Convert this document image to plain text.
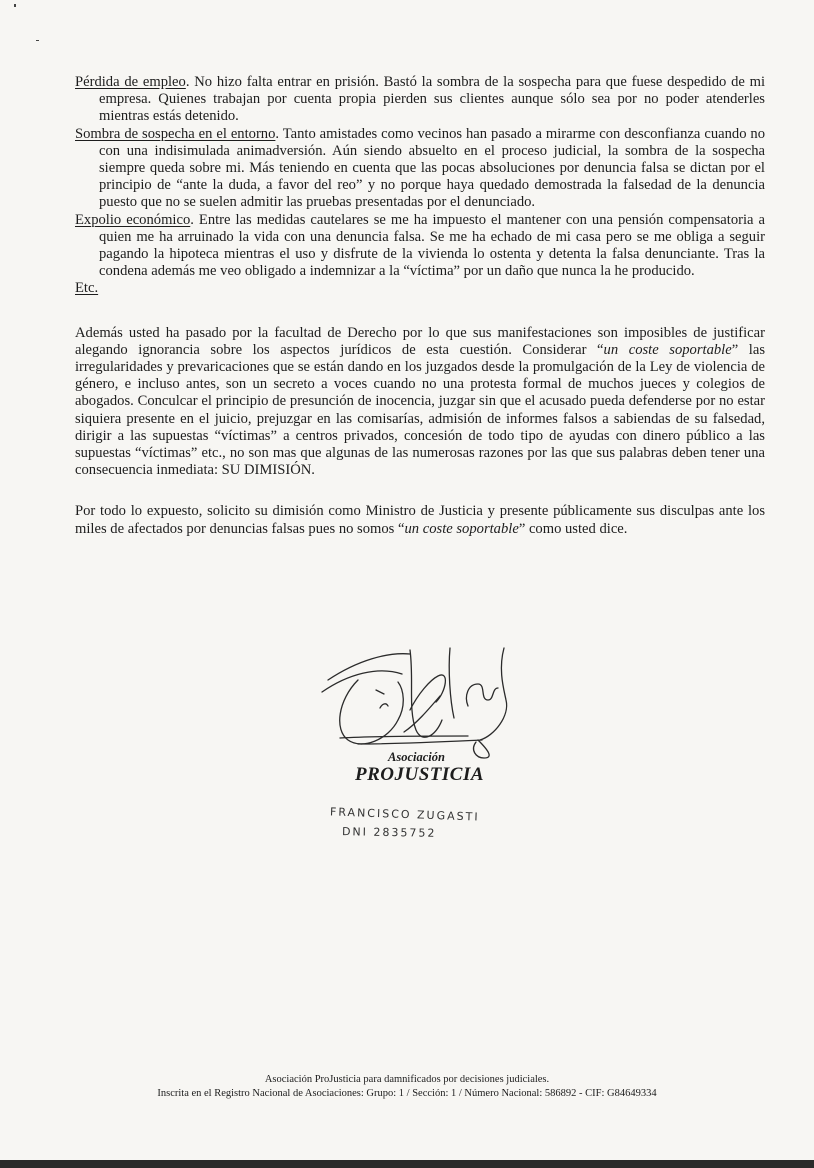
Pérdida de empleo. No hizo falta entrar en prisión. Bastó la sombra de la sospecha para que fuese despedido de mi empresa. Quienes trabajan por cuenta propia pierden sus clientes aunque sólo sea por no poder atenderles mientras estás detenido.

Sombra de sospecha en el entorno. Tanto amistades como vecinos han pasado a mirarme con desconfianza cuando no con una indisimulada animadversión. Aún siendo absuelto en el proceso judicial, la sombra de la sospecha siempre queda sobre mi. Más teniendo en cuenta que las pocas absoluciones por denuncia falsa se dictan por el principio de “ante la duda, a favor del reo” y no porque haya quedado demostrada la falsedad de la denuncia puesto que no se suelen admitir las pruebas presentadas por el denunciado.

Expolio económico. Entre las medidas cautelares se me ha impuesto el mantener con una pensión compensatoria a quien me ha arruinado la vida con una denuncia falsa. Se me ha echado de mi casa pero se me obliga a seguir pagando la hipoteca mientras el uso y disfrute de la vivienda lo ostenta y detenta la falsa denunciante. Tras la condena además me veo obligado a indemnizar a la “víctima” por un daño que nunca la he producido.

Etc.

Además usted ha pasado por la facultad de Derecho por lo que sus manifestaciones son imposibles de justificar alegando ignorancia sobre los aspectos jurídicos de esta cuestión. Considerar “un coste soportable” las irregularidades y prevaricaciones que se están dando en los juzgados desde la promulgación de la Ley de violencia de género, e incluso antes, son un secreto a voces cuando no una protesta formal de muchos jueces y colegios de abogados. Conculcar el principio de presunción de inocencia, juzgar sin que el acusado pueda defenderse por no estar siquiera presente en el juicio, prejuzgar en las comisarías, admisión de informes falsos a sabiendas de su falsedad, dirigir a las supuestas “víctimas” a centros privados, concesión de todo tipo de ayudas con dinero público a las supuestas “víctimas” etc., no son mas que algunas de las numerosas razones por las que sus palabras deben tener una consecuencia inmediata: SU DIMISIÓN.

Por todo lo expuesto, solicito su dimisión como Ministro de Justicia y presente públicamente sus disculpas ante los miles de afectados por denuncias falsas pues no somos “un coste soportable” como usted dice.

Asociación
PROJUSTICIA
FRANCISCO ZUGASTI
DNI 2835752
Asociación ProJusticia para damnificados por decisiones judiciales.
Inscrita en el Registro Nacional de Asociaciones: Grupo: 1 / Sección: 1 / Número Nacional: 586892 - CIF: G84649334
